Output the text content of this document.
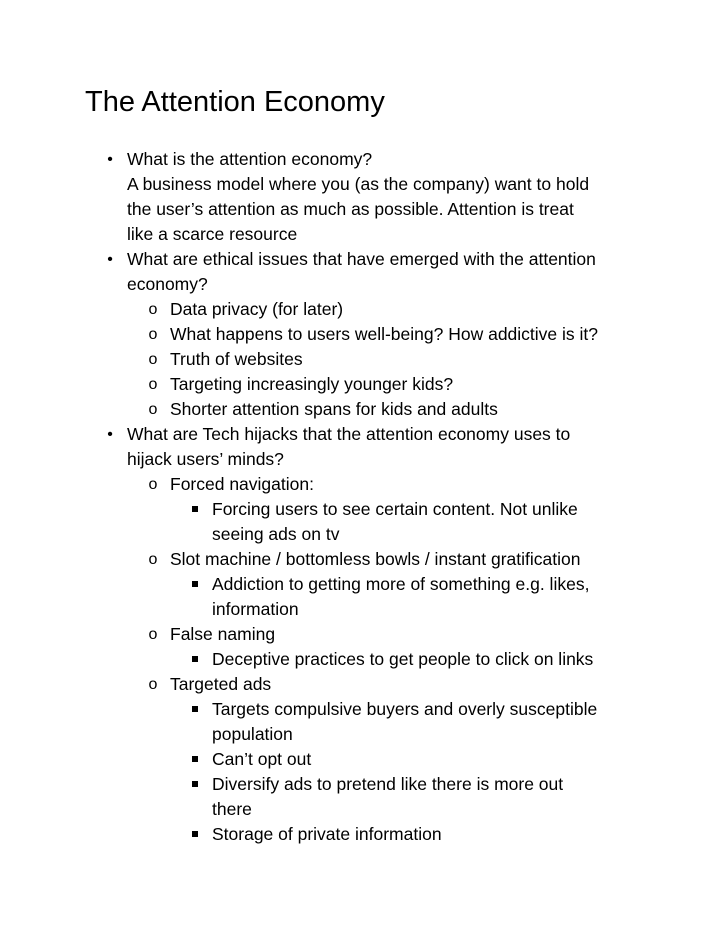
The Attention Economy
• What is the attention economy?
A business model where you (as the company) want to hold
the user’s attention as much as possible. Attention is treat
like a scarce resource
• What are ethical issues that have emerged with the attention
economy?
o Data privacy (for later)
o What happens to users well-being? How addictive is it?
o Truth of websites
o Targeting increasingly younger kids?
o Shorter attention spans for kids and adults
• What are Tech hijacks that the attention economy uses to
hijack users’ minds?
o Forced navigation:
Forcing users to see certain content. Not unlike
seeing ads on tv
o Slot machine / bottomless bowls / instant gratification
Addiction to getting more of something e.g. likes,
information
o False naming
Deceptive practices to get people to click on links
o Targeted ads
Targets compulsive buyers and overly susceptible
population
Can’t opt out
Diversify ads to pretend like there is more out
there
Storage of private information
